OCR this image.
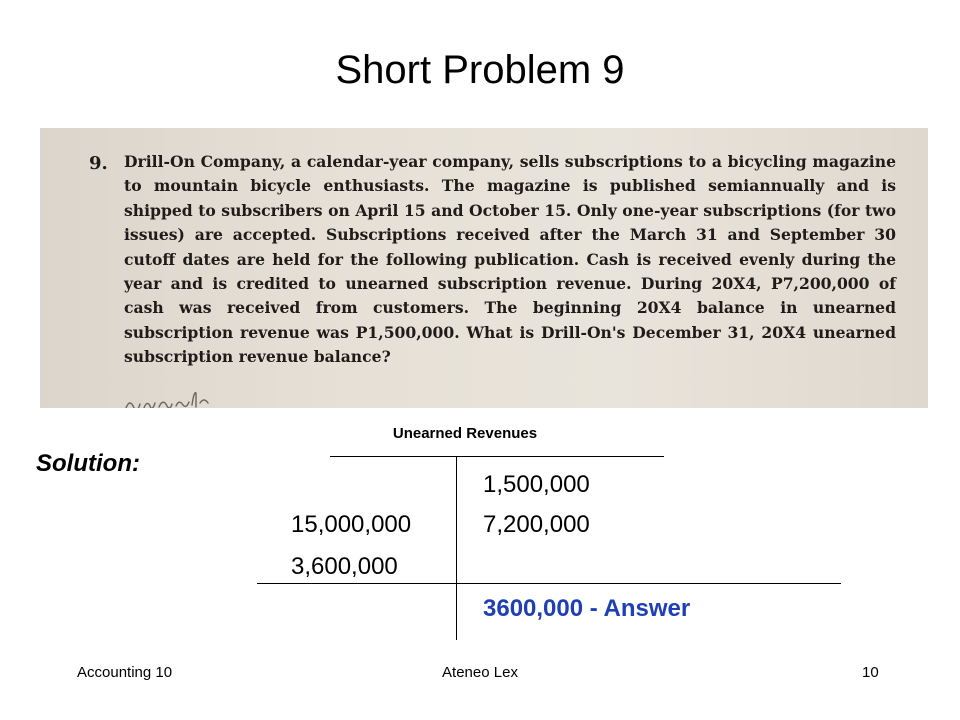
Short Problem 9
9. Drill-On Company, a calendar-year company, sells subscriptions to a bicycling magazine to mountain bicycle enthusiasts. The magazine is published semiannually and is shipped to subscribers on April 15 and October 15. Only one-year subscriptions (for two issues) are accepted. Subscriptions received after the March 31 and September 30 cutoff dates are held for the following publication. Cash is received evenly during the year and is credited to unearned subscription revenue. During 20X4, P7,200,000 of cash was received from customers. The beginning 20X4 balance in unearned subscription revenue was P1,500,000. What is Drill-On's December 31, 20X4 unearned subscription revenue balance?
Unearned Revenues
Solution:
1,500,000
7,200,000
15,000,000
3,600,000
3600,000 - Answer
Accounting 10	Ateneo Lex	10
